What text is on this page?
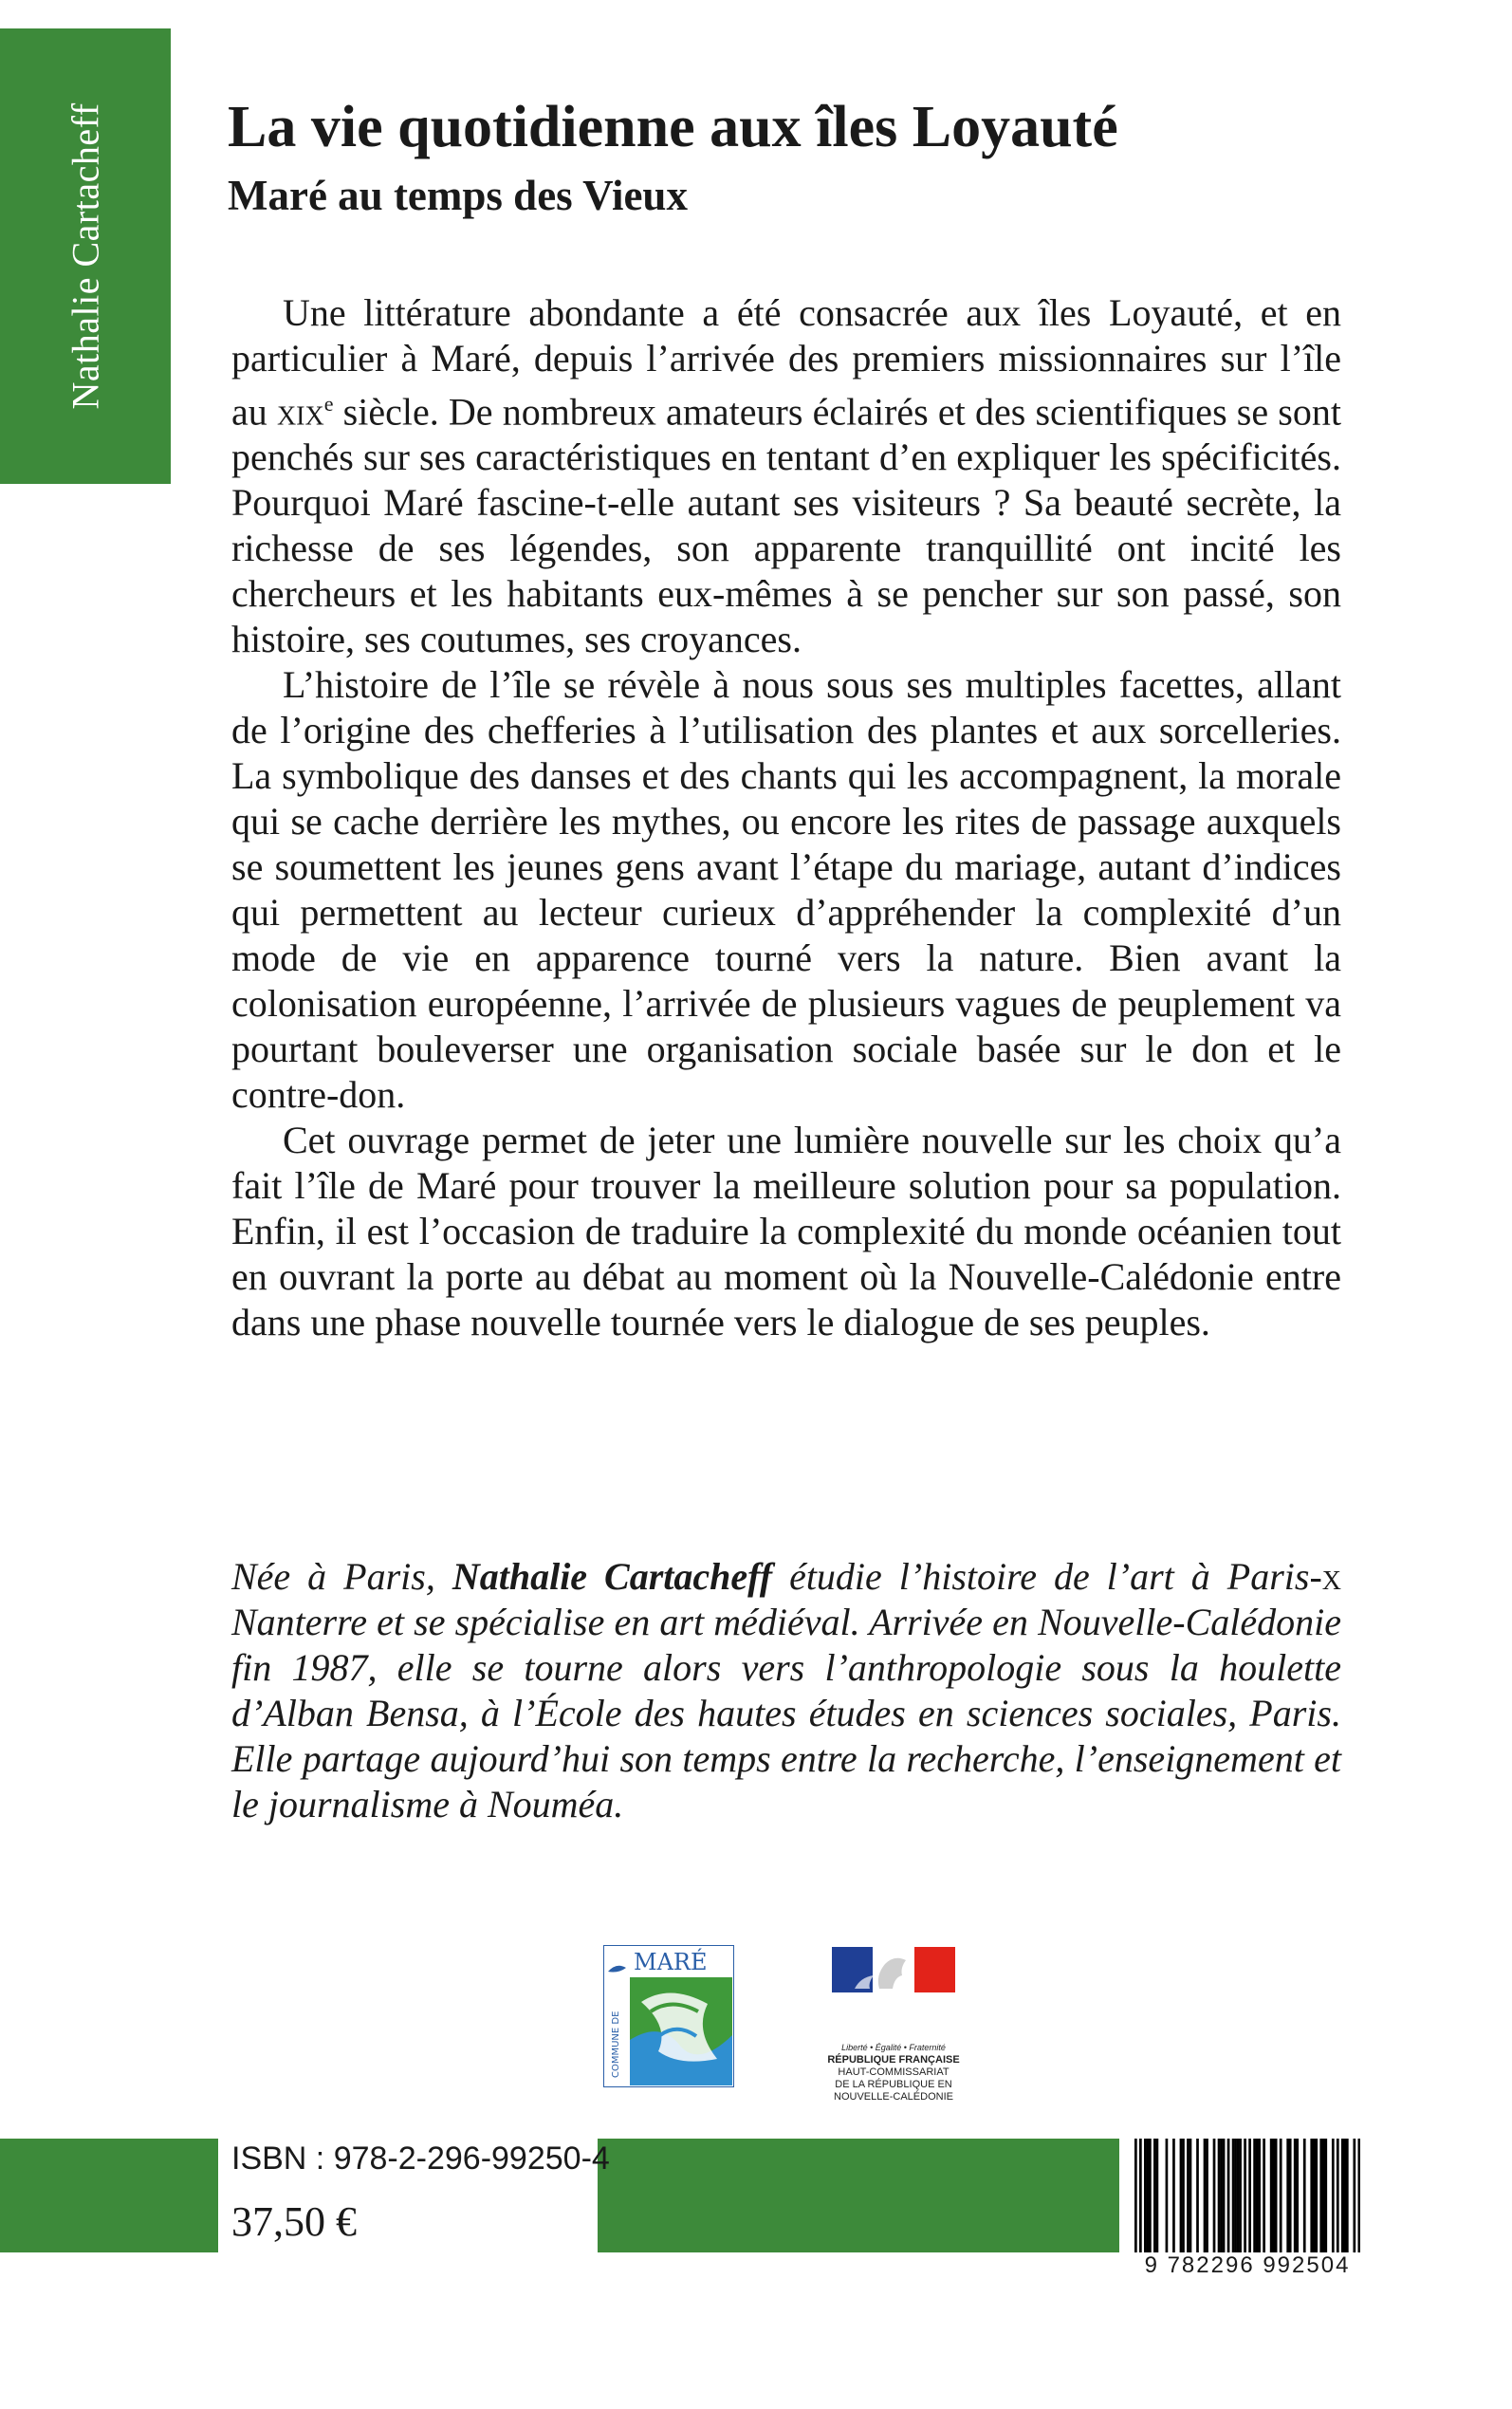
Nathalie Cartacheff La vie quotidienne aux îles Loyauté
Maré au temps des Vieux

Une littérature abondante a été consacrée aux îles Loyauté, et en particulier à Maré, depuis l’arrivée des premiers missionnaires sur l’île au xix$^e$ siècle. De nombreux amateurs éclairés et des scientifiques se sont penchés sur ses caractéristiques en tentant d’en expliquer les spécificités. Pourquoi Maré fascine-t-elle autant ses visiteurs ? Sa beauté secrète, la richesse de ses légendes, son apparente tranquillité ont incité les chercheurs et les habitants eux-mêmes à se pencher sur son passé, son histoire, ses coutumes, ses croyances.

L’histoire de l’île se révèle à nous sous ses multiples facettes, allant de l’origine des chefferies à l’utilisation des plantes et aux sorcelleries. La symbolique des danses et des chants qui les accompagnent, la morale qui se cache derrière les mythes, ou encore les rites de passage auxquels se soumettent les jeunes gens avant l’étape du mariage, autant d’indices qui permettent au lecteur curieux d’appréhender la complexité d’un mode de vie en apparence tourné vers la nature. Bien avant la colonisation européenne, l’arrivée de plusieurs vagues de peuplement va pourtant bouleverser une organisation sociale basée sur le don et le contre-don.

Cet ouvrage permet de jeter une lumière nouvelle sur les choix qu’a fait l’île de Maré pour trouver la meilleure solution pour sa population. Enfin, il est l’occasion de traduire la complexité du monde océanien tout en ouvrant la porte au débat au moment où la Nouvelle-Calédonie entre dans une phase nouvelle tournée vers le dialogue de ses peuples.

Née à Paris, Nathalie Cartacheff étudie l’histoire de l’art à Paris-x Nanterre et se spécialise en art médiéval. Arrivée en Nouvelle-Calédonie fin 1987, elle se tourne alors vers l’anthropologie sous la houlette d’Alban Bensa, à l’École des hautes études en sciences sociales, Paris. Elle partage aujourd’hui son temps entre la recherche, l’enseignement et le journalisme à Nouméa.
COMMUNE DE
MARÉ
Liberté • Égalité • Fraternité
RÉPUBLIQUE FRANÇAISE
HAUT-COMMISSARIAT
DE LA RÉPUBLIQUE EN
NOUVELLE-CALÉDONIE
ISBN : 978-2-296-99250-4
37,50 €
9 782296 992504
